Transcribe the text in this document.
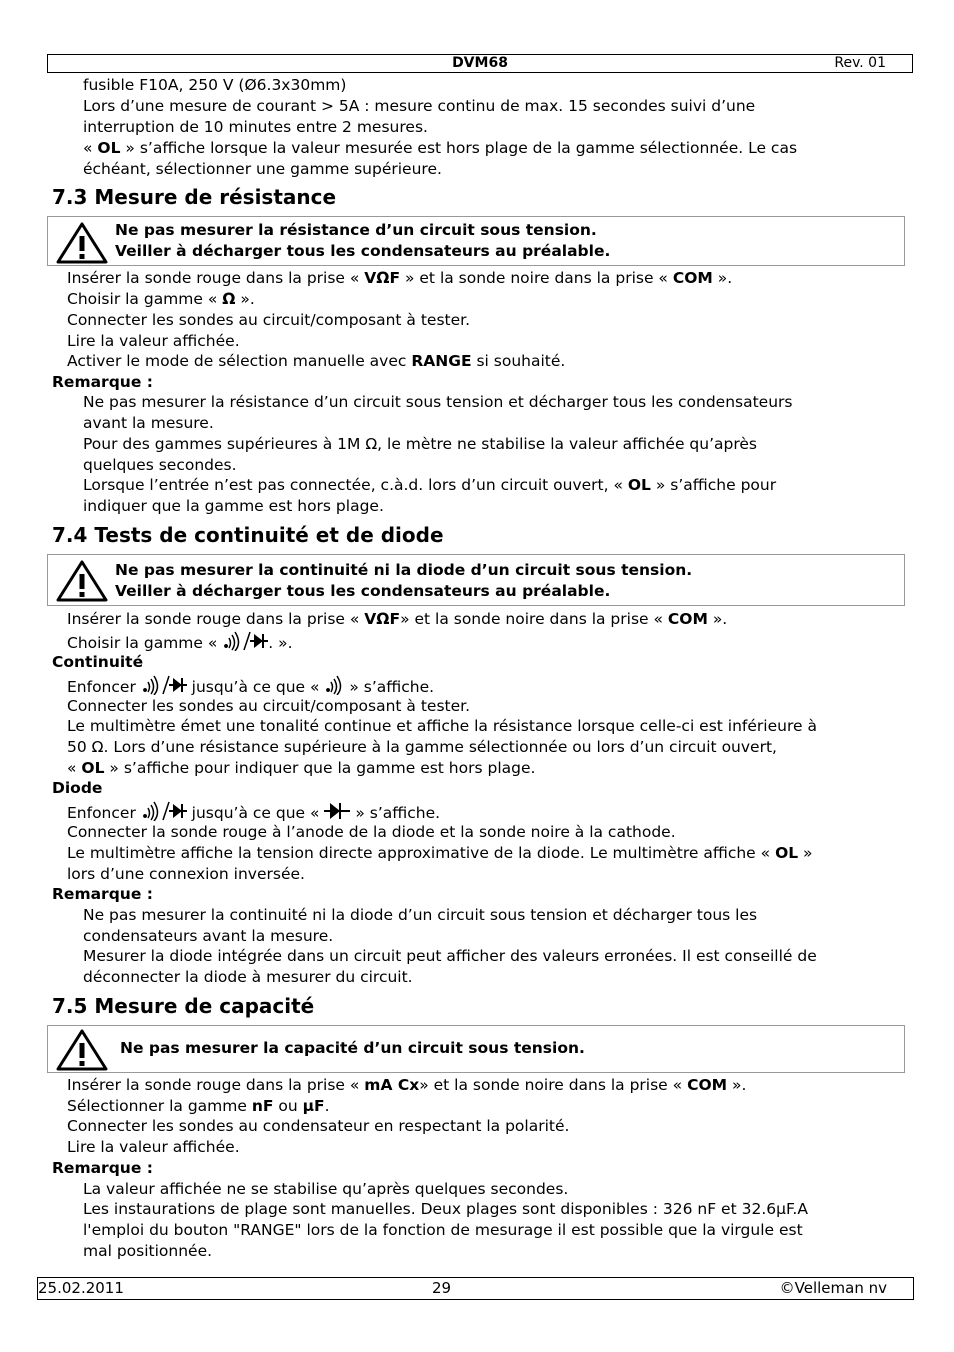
DVM68	Rev. 01
fusible F10A, 250 V (Ø6.3x30mm)
Lors d’une mesure de courant > 5A : mesure continu de max. 15 secondes suivi d’une
interruption de 10 minutes entre 2 mesures.
« OL » s’affiche lorsque la valeur mesurée est hors plage de la gamme sélectionnée. Le cas
échéant, sélectionner une gamme supérieure.
7.3 Mesure de résistance
Ne pas mesurer la résistance d’un circuit sous tension.
Veiller à décharger tous les condensateurs au préalable.
Insérer la sonde rouge dans la prise « VΩF » et la sonde noire dans la prise « COM ».
Choisir la gamme « Ω ».
Connecter les sondes au circuit/composant à tester.
Lire la valeur affichée.
Activer le mode de sélection manuelle avec RANGE si souhaité.
Remarque :
Ne pas mesurer la résistance d’un circuit sous tension et décharger tous les condensateurs
avant la mesure.
Pour des gammes supérieures à 1M Ω, le mètre ne stabilise la valeur affichée qu’après
quelques secondes.
Lorsque l’entrée n’est pas connectée, c.à.d. lors d’un circuit ouvert, « OL » s’affiche pour
indiquer que la gamme est hors plage.
7.4 Tests de continuité et de diode
Ne pas mesurer la continuité ni la diode d’un circuit sous tension.
Veiller à décharger tous les condensateurs au préalable.
Insérer la sonde rouge dans la prise « VΩF» et la sonde noire dans la prise « COM ».
Choisir la gamme «	. ».
Continuité
Enfoncer	jusqu’à ce que «  » s’affiche.
Connecter les sondes au circuit/composant à tester.
Le multimètre émet une tonalité continue et affiche la résistance lorsque celle-ci est inférieure à
50 Ω. Lors d’une résistance supérieure à la gamme sélectionnée ou lors d’un circuit ouvert,
« OL » s’affiche pour indiquer que la gamme est hors plage.
Diode
Enfoncer	jusqu’à ce que «  » s’affiche.
Connecter la sonde rouge à l’anode de la diode et la sonde noire à la cathode.
Le multimètre affiche la tension directe approximative de la diode. Le multimètre affiche « OL »
lors d’une connexion inversée.
Remarque :
Ne pas mesurer la continuité ni la diode d’un circuit sous tension et décharger tous les
condensateurs avant la mesure.
Mesurer la diode intégrée dans un circuit peut afficher des valeurs erronées. Il est conseillé de
déconnecter la diode à mesurer du circuit.
7.5 Mesure de capacité
Ne pas mesurer la capacité d’un circuit sous tension.
Insérer la sonde rouge dans la prise « mA Cx» et la sonde noire dans la prise « COM ».
Sélectionner la gamme nF ou µF.
Connecter les sondes au condensateur en respectant la polarité.
Lire la valeur affichée.
Remarque :
La valeur affichée ne se stabilise qu’après quelques secondes.
Les instaurations de plage sont manuelles. Deux plages sont disponibles : 326 nF et 32.6µF.A
l'emploi du bouton "RANGE" lors de la fonction de mesurage il est possible que la virgule est
mal positionnée.
25.02.2011	29	©Velleman nv
